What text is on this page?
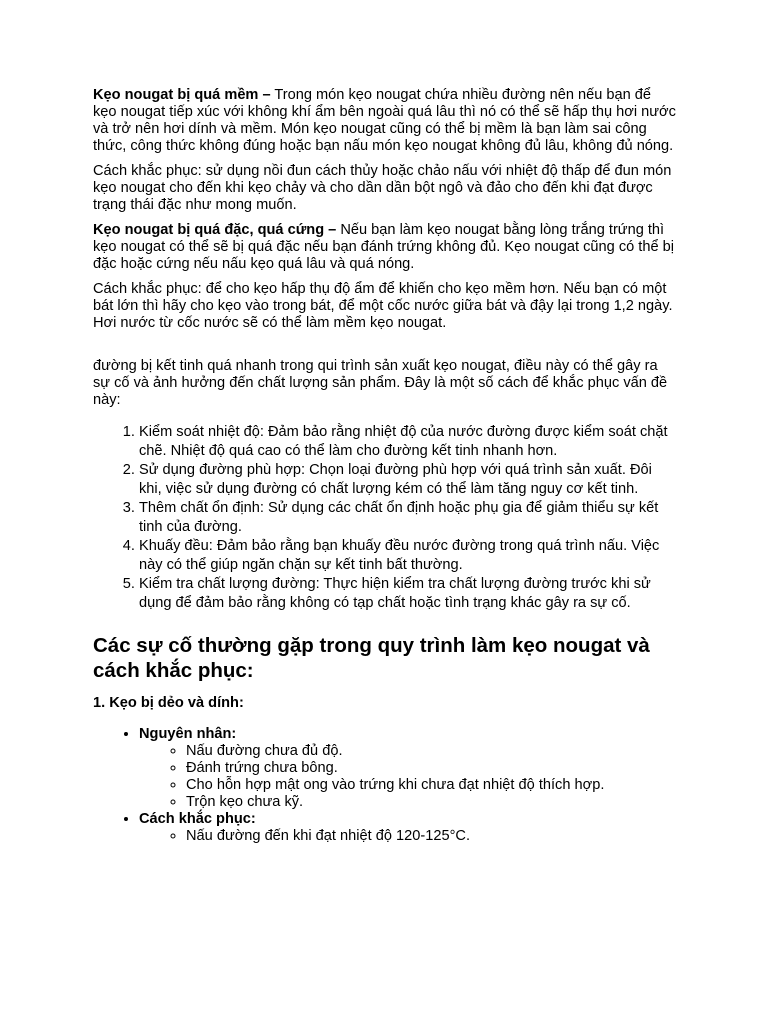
Kẹo nougat bị quá mềm – Trong món kẹo nougat chứa nhiều đường nên nếu bạn để kẹo nougat tiếp xúc với không khí ẩm bên ngoài quá lâu thì nó có thể sẽ hấp thụ hơi nước và trở nên hơi dính và mềm. Món kẹo nougat cũng có thể bị mềm là bạn làm sai công thức, công thức không đúng hoặc bạn nấu món kẹo nougat không đủ lâu, không đủ nóng.

Cách khắc phục: sử dụng nồi đun cách thủy hoặc chảo nấu với nhiệt độ thấp để đun món kẹo nougat cho đến khi kẹo chảy và cho dần dần bột ngô và đảo cho đến khi đạt được trạng thái đặc như mong muốn.

Kẹo nougat bị quá đặc, quá cứng – Nếu bạn làm kẹo nougat bằng lòng trắng trứng thì kẹo nougat có thể sẽ bị quá đặc nếu bạn đánh trứng không đủ. Kẹo nougat cũng có thể bị đặc hoặc cứng nếu nấu kẹo quá lâu và quá nóng.

Cách khắc phục: để cho kẹo hấp thụ độ ẩm để khiến cho kẹo mềm hơn. Nếu bạn có một bát lớn thì hãy cho kẹo vào trong bát, để một cốc nước giữa bát và đậy lại trong 1,2 ngày. Hơi nước từ cốc nước sẽ có thể làm mềm kẹo nougat.

đường bị kết tinh quá nhanh trong qui trình sản xuất kẹo nougat, điều này có thể gây ra sự cố và ảnh hưởng đến chất lượng sản phẩm. Đây là một số cách để khắc phục vấn đề này:

1. Kiểm soát nhiệt độ: Đảm bảo rằng nhiệt độ của nước đường được kiểm soát chặt chẽ. Nhiệt độ quá cao có thể làm cho đường kết tinh nhanh hơn.
2. Sử dụng đường phù hợp: Chọn loại đường phù hợp với quá trình sản xuất. Đôi khi, việc sử dụng đường có chất lượng kém có thể làm tăng nguy cơ kết tinh.
3. Thêm chất ổn định: Sử dụng các chất ổn định hoặc phụ gia để giảm thiểu sự kết tinh của đường.
4. Khuấy đều: Đảm bảo rằng bạn khuấy đều nước đường trong quá trình nấu. Việc này có thể giúp ngăn chặn sự kết tinh bất thường.
5. Kiểm tra chất lượng đường: Thực hiện kiểm tra chất lượng đường trước khi sử dụng để đảm bảo rằng không có tạp chất hoặc tình trạng khác gây ra sự cố.
Các sự cố thường gặp trong quy trình làm kẹo nougat và cách khắc phục:
1. Kẹo bị dẻo và dính:
• Nguyên nhân:
◦ Nấu đường chưa đủ độ.
◦ Đánh trứng chưa bông.
◦ Cho hỗn hợp mật ong vào trứng khi chưa đạt nhiệt độ thích hợp.
◦ Trộn kẹo chưa kỹ.
• Cách khắc phục:
◦ Nấu đường đến khi đạt nhiệt độ 120-125°C.
